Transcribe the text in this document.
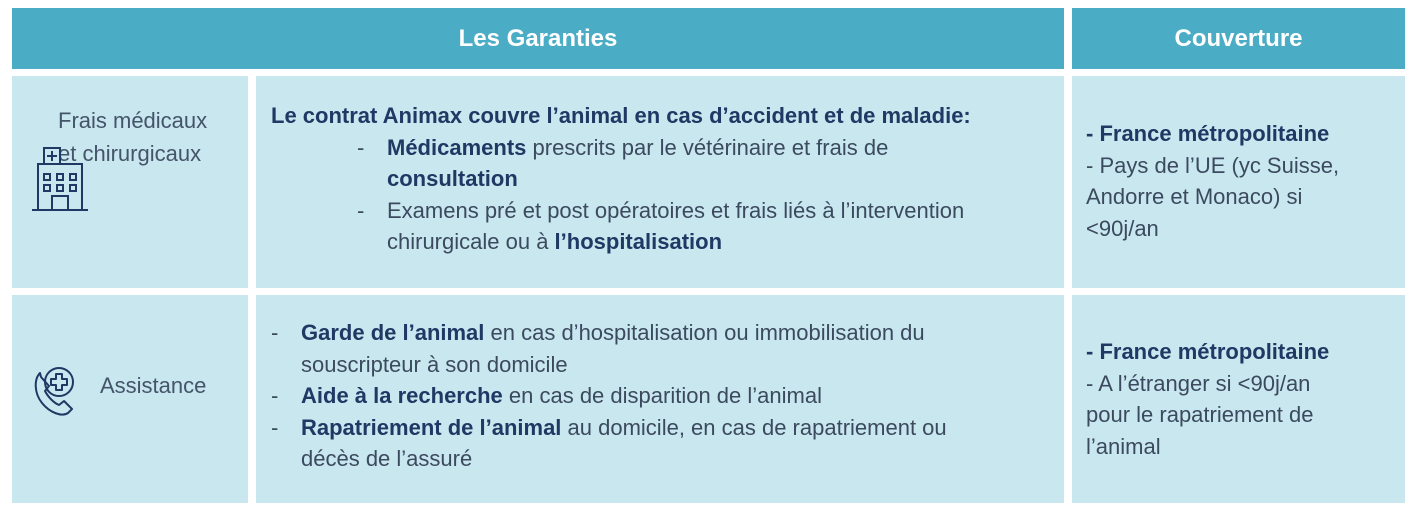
Les Garanties	Couverture
Frais médicaux
et chirurgicaux
Le contrat Animax couvre l’animal en cas d’accident et de maladie:
- Médicaments prescrits par le vétérinaire et frais de
consultation
- Examens pré et post opératoires et frais liés à l’intervention
chirurgicale ou à l’hospitalisation
- France métropolitaine
- Pays de l’UE (yc Suisse,
Andorre et Monaco) si
<90j/an
Assistance
- Garde de l’animal en cas d’hospitalisation ou immobilisation du
souscripteur à son domicile
- Aide à la recherche en cas de disparition de l’animal
- Rapatriement de l’animal au domicile, en cas de rapatriement ou
décès de l’assuré
- France métropolitaine
- A l’étranger si <90j/an
pour le rapatriement de
l’animal
